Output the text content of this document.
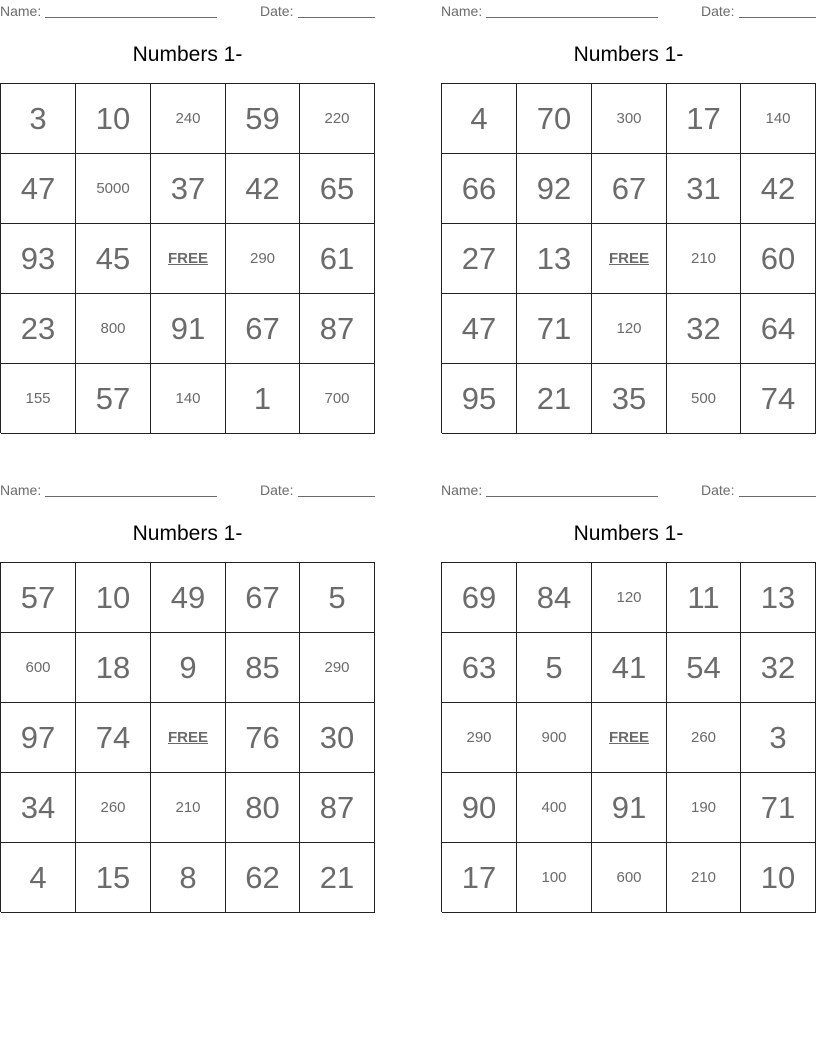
Name:	Date:
Numbers 1-
3	10	240	59	220
47	5000	37	42	65
93	45	FREE	290	61
23	800	91	67	87
155	57	140	1	700
Name:	Date:
Numbers 1-
4	70	300	17	140
66	92	67	31	42
27	13	FREE	210	60
47	71	120	32	64
95	21	35	500	74
Name:	Date:
Numbers 1-
57	10	49	67	5
600	18	9	85	290
97	74	FREE	76	30
34	260	210	80	87
4	15	8	62	21
Name:	Date:
Numbers 1-
69	84	120	11	13
63	5	41	54	32
290	900	FREE	260	3
90	400	91	190	71
17	100	600	210	10
